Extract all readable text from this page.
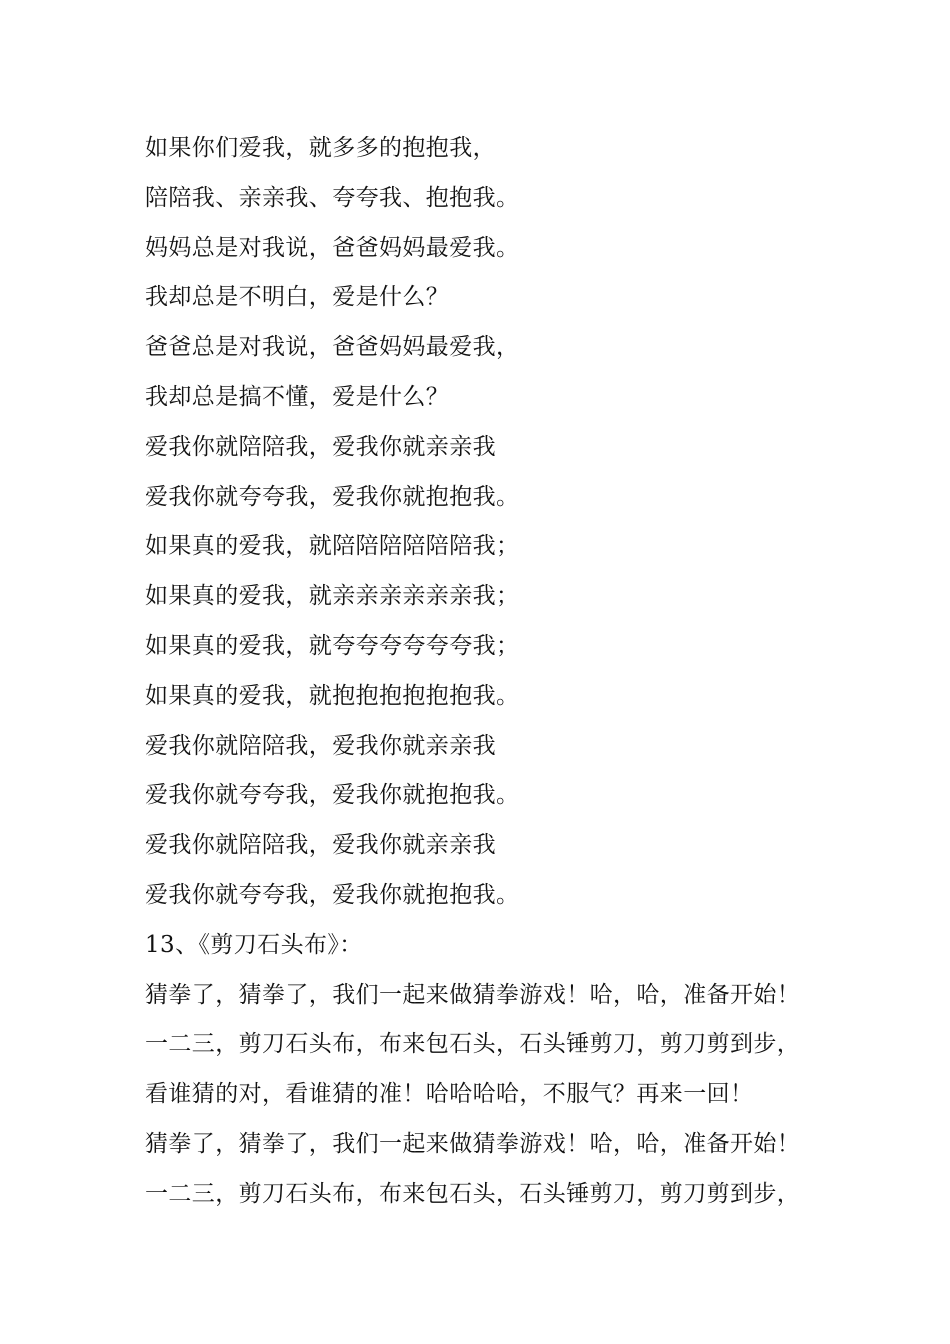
如果你们爱我，就多多的抱抱我，
陪陪我、亲亲我、夸夸我、抱抱我。
妈妈总是对我说，爸爸妈妈最爱我。
我却总是不明白，爱是什么？
爸爸总是对我说，爸爸妈妈最爱我，
我却总是搞不懂，爱是什么？
爱我你就陪陪我，爱我你就亲亲我
爱我你就夸夸我，爱我你就抱抱我。
如果真的爱我，就陪陪陪陪陪陪我；
如果真的爱我，就亲亲亲亲亲亲我；
如果真的爱我，就夸夸夸夸夸夸我；
如果真的爱我，就抱抱抱抱抱抱我。
爱我你就陪陪我，爱我你就亲亲我
爱我你就夸夸我，爱我你就抱抱我。
爱我你就陪陪我，爱我你就亲亲我
爱我你就夸夸我，爱我你就抱抱我。
13、《剪刀石头布》：
猜拳了，猜拳了，我们一起来做猜拳游戏！哈，哈，准备开始！
一二三，剪刀石头布，布来包石头，石头锤剪刀，剪刀剪到步，
看谁猜的对，看谁猜的准！哈哈哈哈，不服气？再来一回！
猜拳了，猜拳了，我们一起来做猜拳游戏！哈，哈，准备开始！
一二三，剪刀石头布，布来包石头，石头锤剪刀，剪刀剪到步，
